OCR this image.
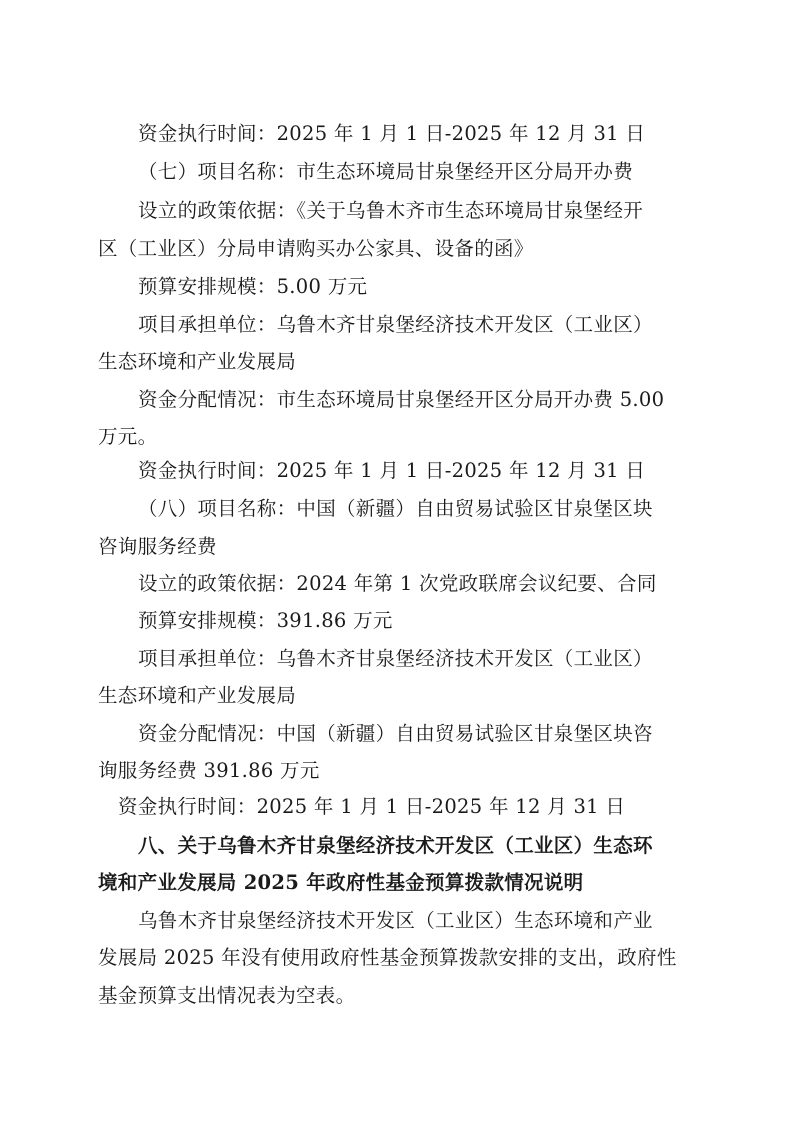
资金执行时间：2025 年 1 月 1 日-2025 年 12 月 31 日
（七）项目名称：市生态环境局甘泉堡经开区分局开办费
设立的政策依据：《关于乌鲁木齐市生态环境局甘泉堡经开
区（工业区）分局申请购买办公家具、设备的函》
预算安排规模：5.00 万元
项目承担单位：乌鲁木齐甘泉堡经济技术开发区（工业区）
生态环境和产业发展局
资金分配情况：市生态环境局甘泉堡经开区分局开办费 5.00
万元。
资金执行时间：2025 年 1 月 1 日-2025 年 12 月 31 日
（八）项目名称：中国（新疆）自由贸易试验区甘泉堡区块
咨询服务经费
设立的政策依据：2024 年第 1 次党政联席会议纪要、合同
预算安排规模：391.86 万元
项目承担单位：乌鲁木齐甘泉堡经济技术开发区（工业区）
生态环境和产业发展局
资金分配情况：中国（新疆）自由贸易试验区甘泉堡区块咨
询服务经费 391.86 万元
资金执行时间：2025 年 1 月 1 日-2025 年 12 月 31 日
八、关于乌鲁木齐甘泉堡经济技术开发区（工业区）生态环
境和产业发展局 2025 年政府性基金预算拨款情况说明
乌鲁木齐甘泉堡经济技术开发区（工业区）生态环境和产业
发展局 2025 年没有使用政府性基金预算拨款安排的支出，政府性
基金预算支出情况表为空表。
